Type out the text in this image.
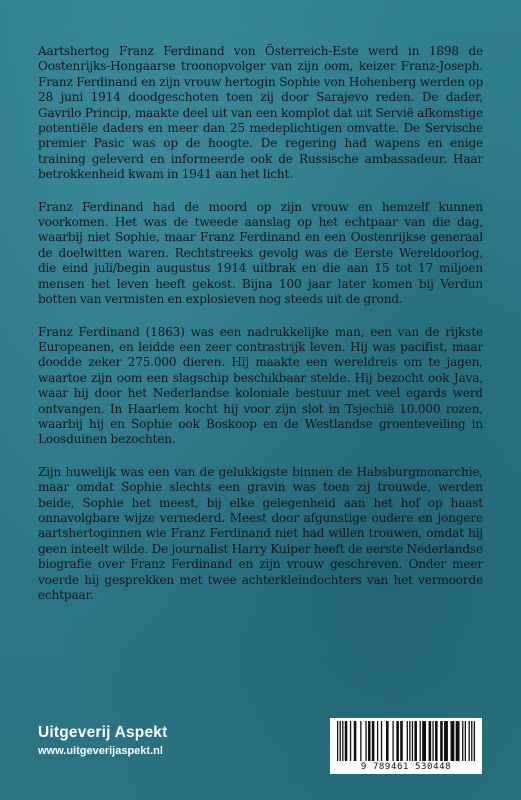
Aartshertog Franz Ferdinand von Österreich-Este werd in 1898 de Oostenrijks-Hongaarse troonopvolger van zijn oom, keizer Franz-Joseph. Franz Ferdinand en zijn vrouw hertogin Sophie von Hohenberg werden op 28 juni 1914 doodgeschoten toen zij door Sarajevo reden. De dader, Gavrilo Princip, maakte deel uit van een komplot dat uit Servië afkomstige potentiële daders en meer dan 25 medeplichtigen omvatte. De Servische premier Pasic was op de hoogte. De regering had wapens en enige training geleverd en informeerde ook de Russische ambassadeur. Haar betrokkenheid kwam in 1941 aan het licht.

Franz Ferdinand had de moord op zijn vrouw en hemzelf kunnen voorkomen. Het was de tweede aanslag op het echtpaar van die dag, waarbij niet Sophie, maar Franz Ferdinand en een Oostenrijkse generaal de doelwitten waren. Rechtstreeks gevolg was de Eerste Wereldoorlog, die eind juli/begin augustus 1914 uitbrak en die aan 15 tot 17 miljoen mensen het leven heeft gekost. Bijna 100 jaar later komen bij Verdun botten van vermisten en explosieven nog steeds uit de grond.

Franz Ferdinand (1863) was een nadrukkelijke man, een van de rijkste Europeanen, en leidde een zeer contrastrijk leven. Hij was pacifist, maar doodde zeker 275.000 dieren. Hij maakte een wereldreis om te jagen, waartoe zijn oom een slagschip beschikbaar stelde. Hij bezocht ook Java, waar hij door het Nederlandse koloniale bestuur met veel egards werd ontvangen. In Haarlem kocht hij voor zijn slot in Tsjechië 10.000 rozen, waarbij hij en Sophie ook Boskoop en de Westlandse groenteveiling in Loosduinen bezochten.

Zijn huwelijk was een van de gelukkigste binnen de Habsburgmonarchie, maar omdat Sophie slechts een gravin was toen zij trouwde, werden beide, Sophie het meest, bij elke gelegenheid aan het hof op haast onnavolgbare wijze vernederd. Meest door afgunstige oudere en jongere aartshertoginnen wie Franz Ferdinand niet had willen trouwen, omdat hij geen inteelt wilde. De journalist Harry Kuiper heeft de eerste Nederlandse biografie over Franz Ferdinand en zijn vrouw geschreven. Onder meer voerde hij gesprekken met twee achterkleindochters van het vermoorde echtpaar.

Uitgeverij Aspekt
www.uitgeverijaspekt.nl
9 789461 530448
